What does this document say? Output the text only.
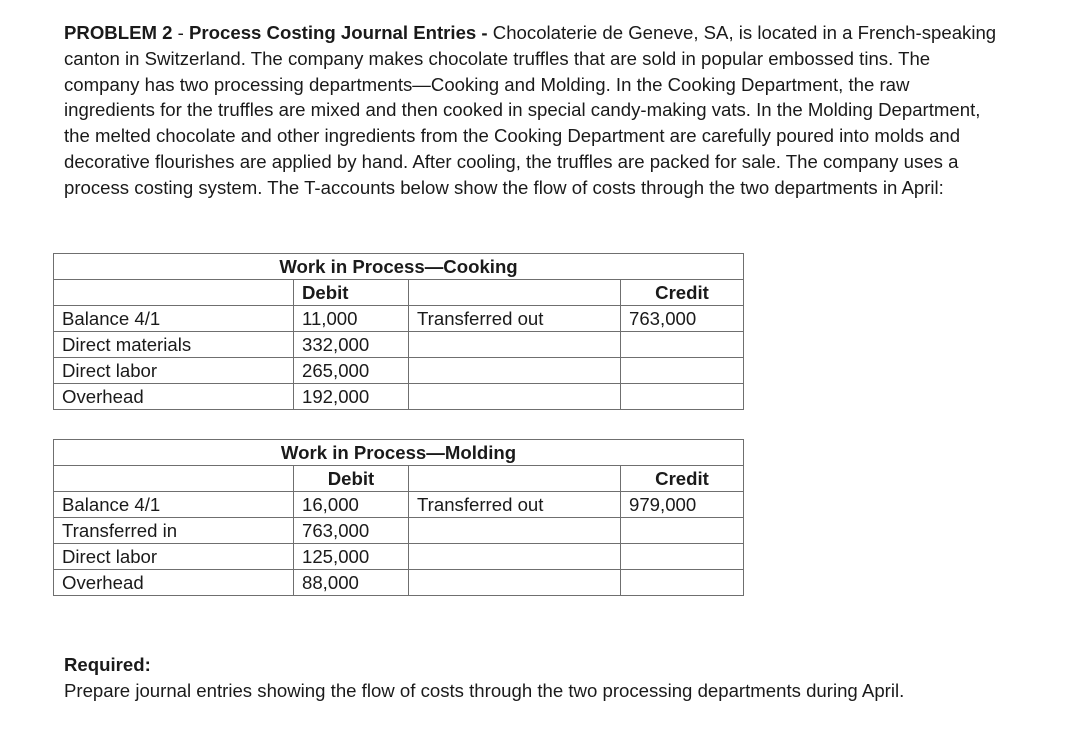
PROBLEM 2 - Process Costing Journal Entries - Chocolaterie de Geneve, SA, is located in a French-speaking canton in Switzerland. The company makes chocolate truffles that are sold in popular embossed tins. The company has two processing departments—Cooking and Molding. In the Cooking Department, the raw ingredients for the truffles are mixed and then cooked in special candy-making vats. In the Molding Department, the melted chocolate and other ingredients from the Cooking Department are carefully poured into molds and decorative flourishes are applied by hand. After cooling, the truffles are packed for sale. The company uses a process costing system. The T-accounts below show the flow of costs through the two departments in April:

Work in Process—Cooking			
	Debit		Credit
Balance 4/1	11,000	Transferred out	763,000
Direct materials	332,000		
Direct labor	265,000		
Overhead	192,000		
Work in Process—Molding			
	Debit		Credit
Balance 4/1	16,000	Transferred out	979,000
Transferred in	763,000		
Direct labor	125,000		
Overhead	88,000		

Required:
Prepare journal entries showing the flow of costs through the two processing departments during April.
